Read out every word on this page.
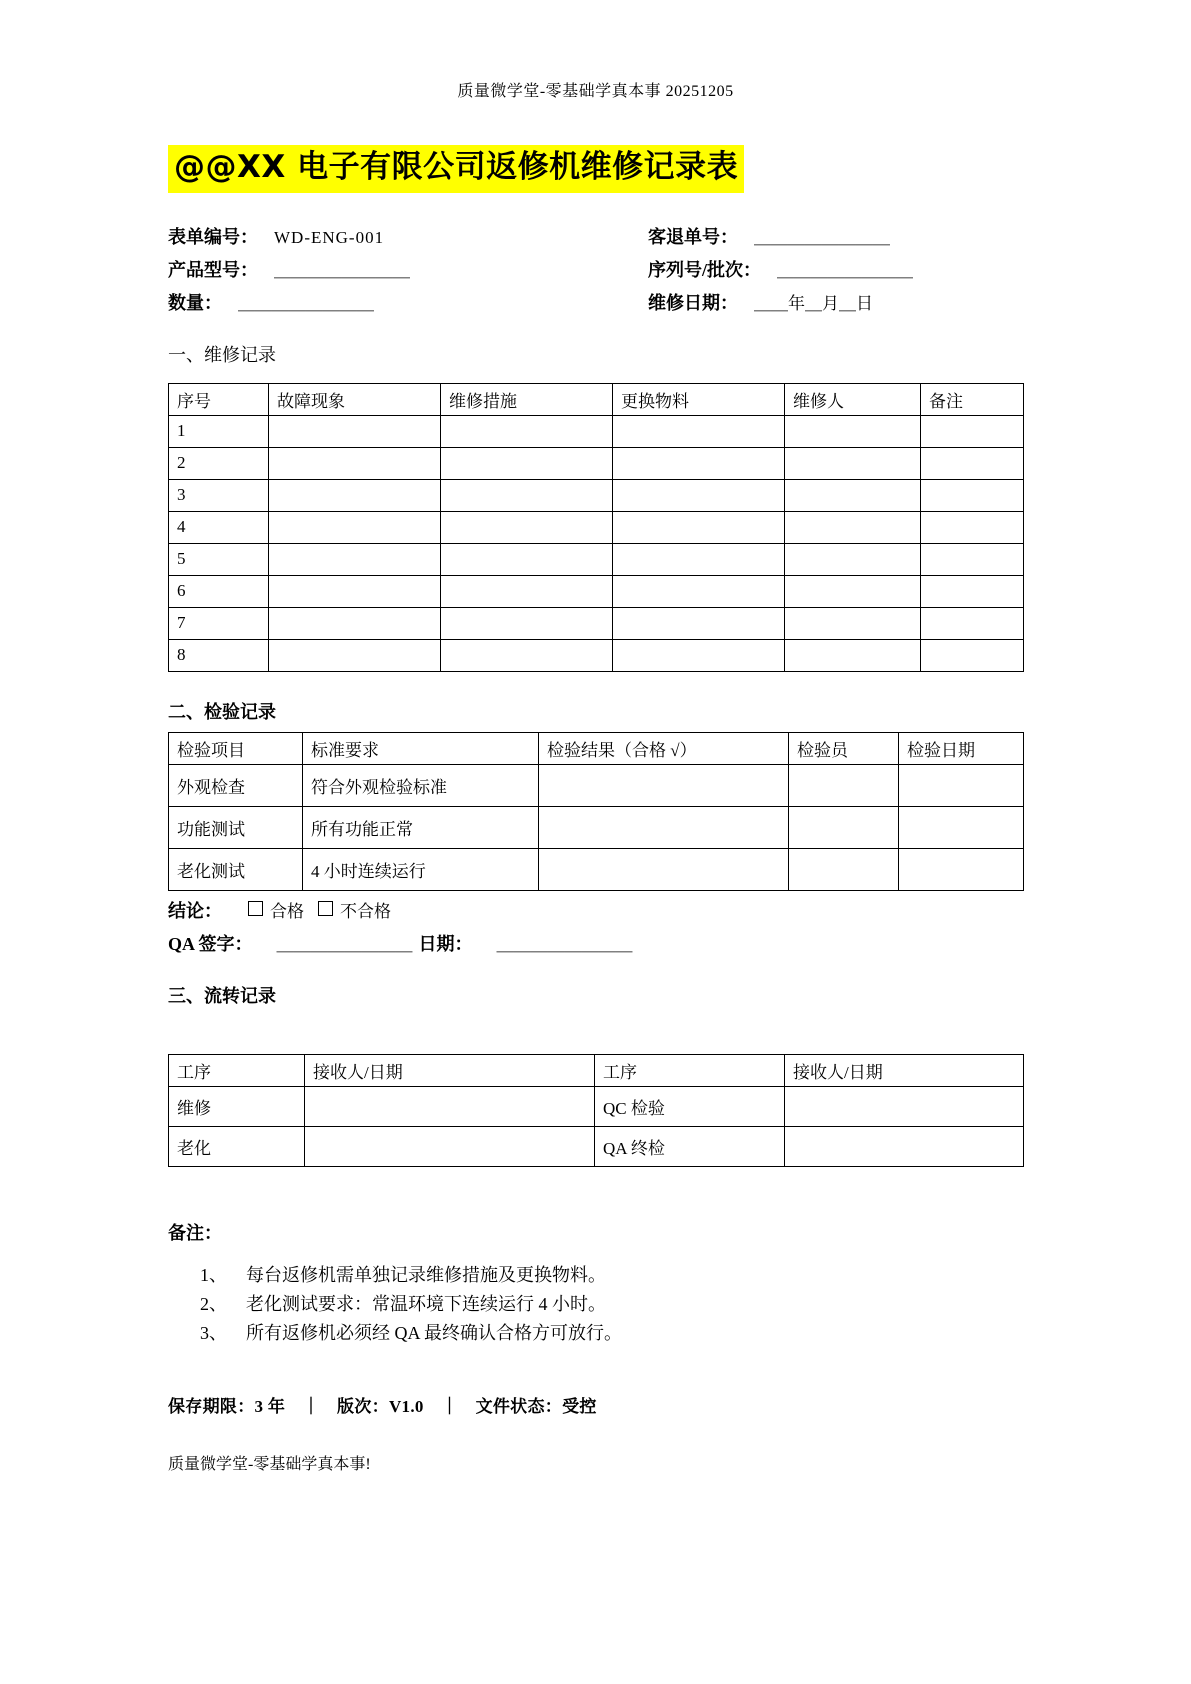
质量微学堂-零基础学真本事 20251205
@@XX 电子有限公司返修机维修记录表
表单编号： WD-ENG-001	客退单号： ＿＿＿＿＿＿＿＿
产品型号： ＿＿＿＿＿＿＿＿	序列号/批次： ＿＿＿＿＿＿＿＿
数量： ＿＿＿＿＿＿＿＿	维修日期： ＿＿年＿月＿日
一、维修记录
序号	故障现象	维修措施	更换物料	维修人	备注
1					
2					
3					
4					
5					
6					
7					
8					
二、检验记录
检验项目	标准要求	检验结果（合格 √）	检验员	检验日期
外观检查	符合外观检验标准			
功能测试	所有功能正常			
老化测试	4 小时连续运行			
结论：	合格 不合格
QA 签字：	＿＿＿＿＿＿＿＿ 日期：	＿＿＿＿＿＿＿＿
三、流转记录
工序	接收人/日期	工序	接收人/日期
维修		QC 检验	
老化		QA 终检	
备注：
1、	每台返修机需单独记录维修措施及更换物料。
2、	老化测试要求：常温环境下连续运行 4 小时。
3、	所有返修机必须经 QA 最终确认合格方可放行。
保存期限：3 年　｜　版次：V1.0　｜　文件状态：受控
质量微学堂-零基础学真本事!
